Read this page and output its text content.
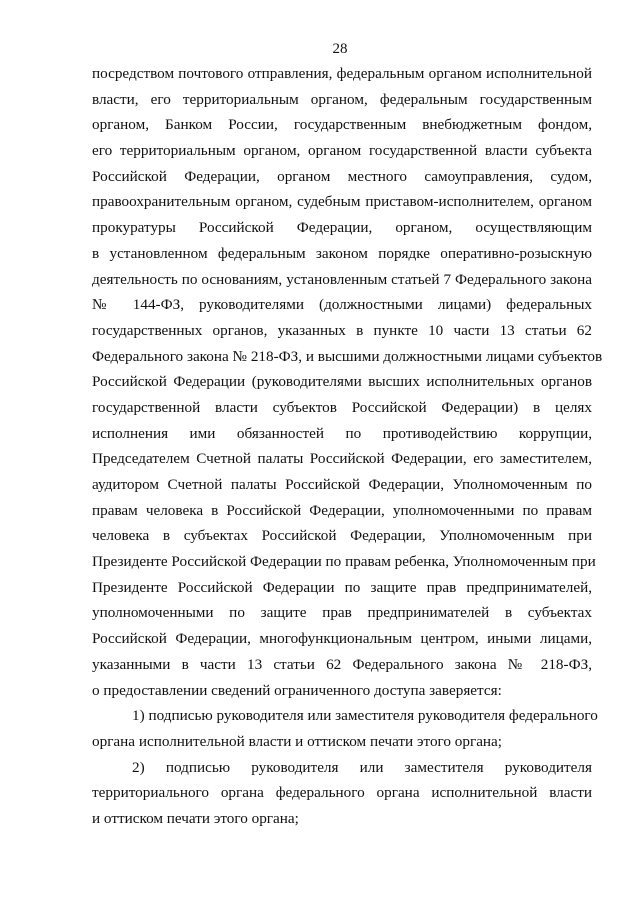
28
посредством почтового отправления, федеральным органом исполнительной
власти, его территориальным органом, федеральным государственным
органом, Банком России, государственным внебюджетным фондом,
его территориальным органом, органом государственной власти субъекта
Российской Федерации, органом местного самоуправления, судом,
правоохранительным органом, судебным приставом-исполнителем, органом
прокуратуры Российской Федерации, органом, осуществляющим
в установленном федеральным законом порядке оперативно-розыскную
деятельность по основаниям, установленным статьей 7 Федерального закона
№ 144-ФЗ, руководителями (должностными лицами) федеральных
государственных органов, указанных в пункте 10 части 13 статьи 62
Федерального закона № 218-ФЗ, и высшими должностными лицами субъектов
Российской Федерации (руководителями высших исполнительных органов
государственной власти субъектов Российской Федерации) в целях
исполнения ими обязанностей по противодействию коррупции,
Председателем Счетной палаты Российской Федерации, его заместителем,
аудитором Счетной палаты Российской Федерации, Уполномоченным по
правам человека в Российской Федерации, уполномоченными по правам
человека в субъектах Российской Федерации, Уполномоченным при
Президенте Российской Федерации по правам ребенка, Уполномоченным при
Президенте Российской Федерации по защите прав предпринимателей,
уполномоченными по защите прав предпринимателей в субъектах
Российской Федерации, многофункциональным центром, иными лицами,
указанными в части 13 статьи 62 Федерального закона № 218-ФЗ,
о предоставлении сведений ограниченного доступа заверяется:
1) подписью руководителя или заместителя руководителя федерального
органа исполнительной власти и оттиском печати этого органа;
2) подписью руководителя или заместителя руководителя
территориального органа федерального органа исполнительной власти
и оттиском печати этого органа;
